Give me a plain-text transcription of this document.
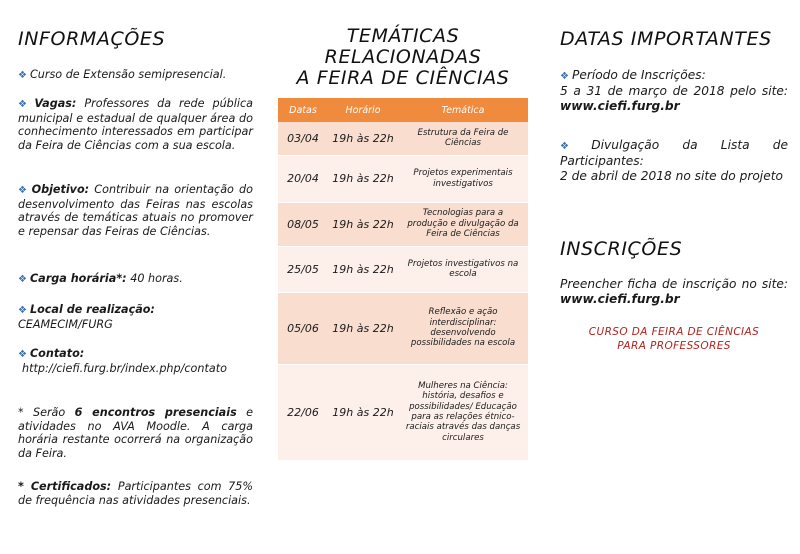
INFORMAÇÕES
❖ Curso de Extensão semipresencial.
❖ Vagas: Professores da rede pública municipal e estadual de qualquer área do conhecimento interessados em participar da Feira de Ciências com a sua escola.
❖ Objetivo: Contribuir na orientação do desenvolvimento das Feiras nas escolas através de temáticas atuais no promover e repensar das Feiras de Ciências.
❖ Carga horária*: 40 horas.
❖ Local de realização:
CEAMECIM/FURG
❖ Contato:
http://ciefi.furg.br/index.php/contato
* Serão 6 encontros presenciais e atividades no AVA Moodle. A carga horária restante ocorrerá na organização da Feira.
* Certificados: Participantes com 75% de frequência nas atividades presenciais.
TEMÁTICAS RELACIONADAS
A FEIRA DE CIÊNCIAS
Datas	Horário	Temática
03/04	19h às 22h	Estrutura da Feira de Ciências
20/04	19h às 22h	Projetos experimentais investigativos
08/05	19h às 22h	Tecnologias para a produção e divulgação da Feira de Ciências
25/05	19h às 22h	Projetos investigativos na escola
05/06	19h às 22h	Reflexão e ação interdisciplinar: desenvolvendo possibilidades na escola
22/06	19h às 22h	Mulheres na Ciência: história, desafios e possibilidades/ Educação para as relações étnico-raciais através das danças circulares
DATAS IMPORTANTES
❖ Período de Inscrições:
5 a 31 de março de 2018 pelo site: www.ciefi.furg.br
❖ Divulgação da Lista de Participantes:
2 de abril de 2018 no site do projeto
INSCRIÇÕES
Preencher ficha de inscrição no site: www.ciefi.furg.br
CURSO DA FEIRA DE CIÊNCIAS
PARA PROFESSORES
